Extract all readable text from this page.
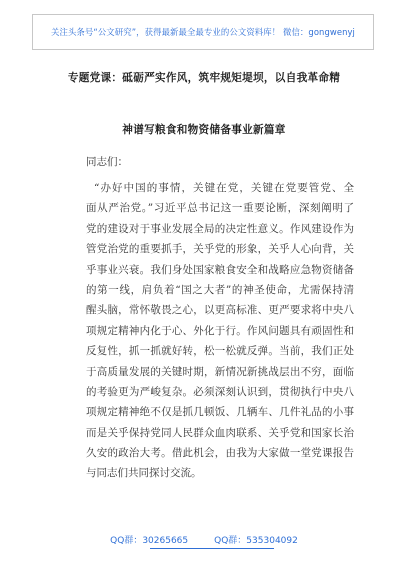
关注头条号“公文研究”，获得最新最全最专业的公文资料库！ 微信：gongwenyj
专题党课：砥砺严实作风，筑牢规矩堤坝，以自我革命精
神谱写粮食和物资储备事业新篇章
同志们：
“办好中国的事情，关键在党，关键在党要管党、全
面从严治党。”习近平总书记这一重要论断，深刻阐明了
党的建设对于事业发展全局的决定性意义。作风建设作为
管党治党的重要抓手，关乎党的形象，关乎人心向背，关
乎事业兴衰。我们身处国家粮食安全和战略应急物资储备
的第一线，肩负着“国之大者”的神圣使命，尤需保持清
醒头脑，常怀敬畏之心，以更高标准、更严要求将中央八
项规定精神内化于心、外化于行。作风问题具有顽固性和
反复性，抓一抓就好转，松一松就反弹。当前，我们正处
于高质量发展的关键时期，新情况新挑战层出不穷，面临
的考验更为严峻复杂。必须深刻认识到，贯彻执行中央八
项规定精神绝不仅是抓几顿饭、几辆车、几件礼品的小事
而是关乎保持党同人民群众血肉联系、关乎党和国家长治
久安的政治大考。借此机会，由我为大家做一堂党课报告
与同志们共同探讨交流。
QQ群：30265665	QQ群：535304092
